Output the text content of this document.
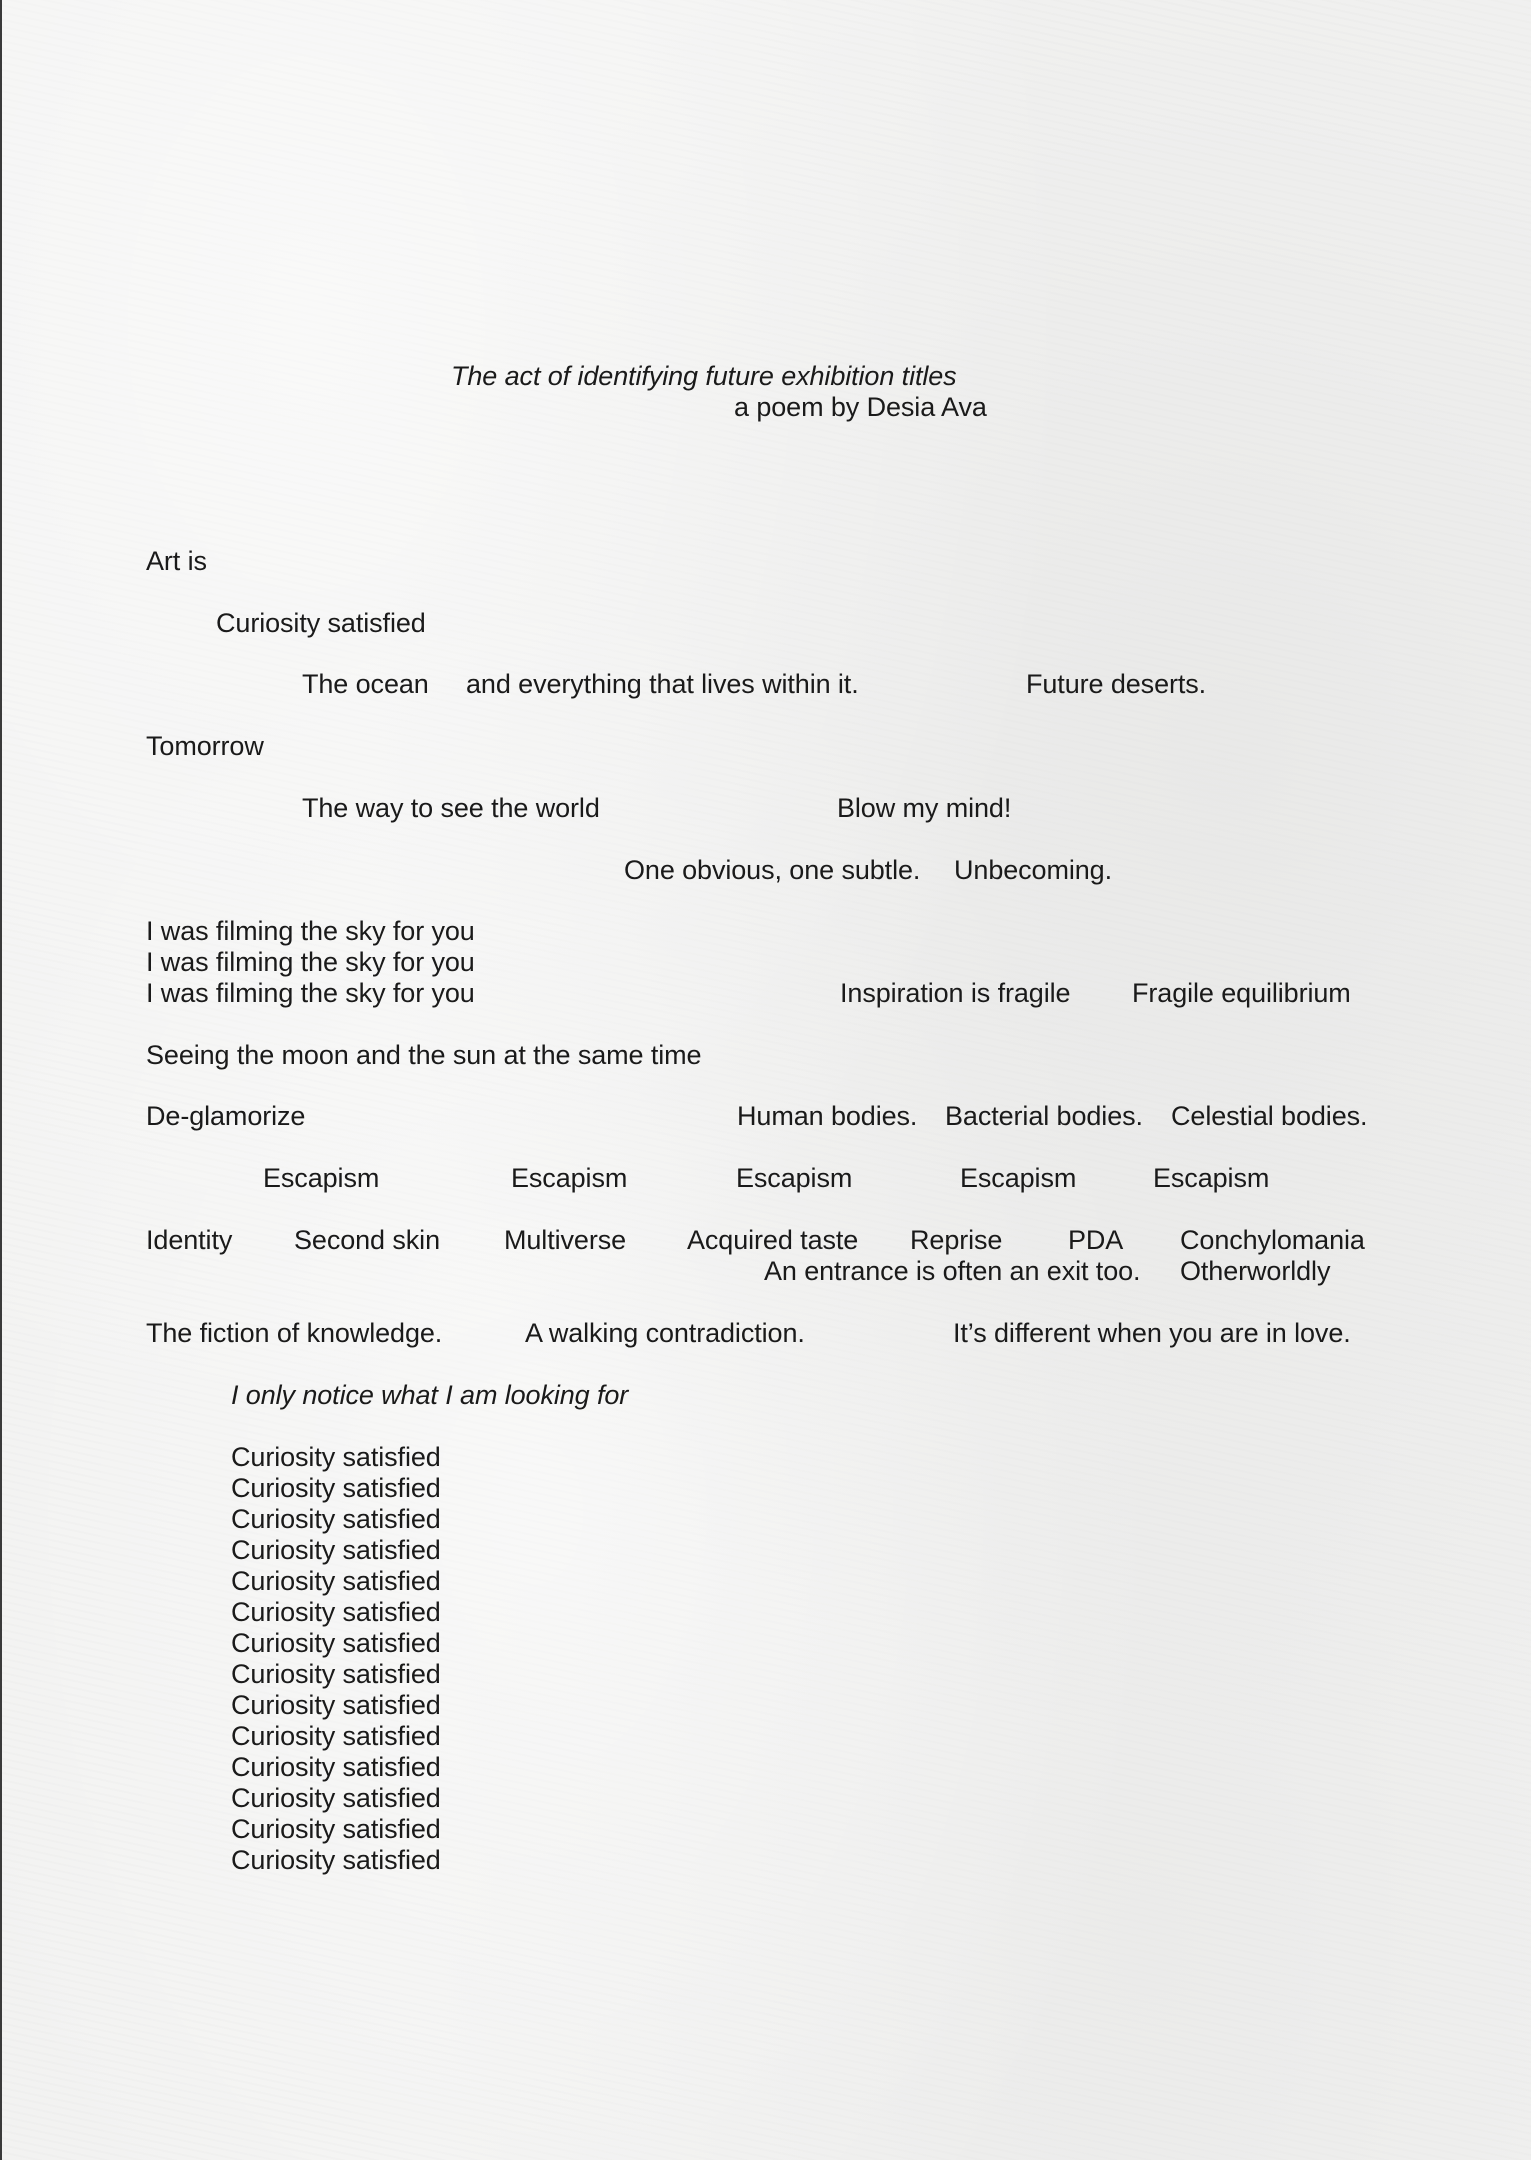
The act of identifying future exhibition titles
a poem by Desia Ava
Art is
Curiosity satisfied
The ocean and everything that lives within it.	Future deserts.
Tomorrow
The way to see the world	Blow my mind!
One obvious, one subtle. Unbecoming.
I was filming the sky for you
I was filming the sky for you
I was filming the sky for you	Inspiration is fragile Fragile equilibrium
Seeing the moon and the sun at the same time
De-glamorize	Human bodies. Bacterial bodies. Celestial bodies.
Escapism	Escapism	Escapism	Escapism	Escapism
Identity Second skin Multiverse Acquired taste Reprise PDA Conchylomania
An entrance is often an exit too. Otherworldly
The fiction of knowledge.	A walking contradiction.	It’s different when you are in love.
I only notice what I am looking for
Curiosity satisfied
Curiosity satisfied
Curiosity satisfied
Curiosity satisfied
Curiosity satisfied
Curiosity satisfied
Curiosity satisfied
Curiosity satisfied
Curiosity satisfied
Curiosity satisfied
Curiosity satisfied
Curiosity satisfied
Curiosity satisfied
Curiosity satisfied
